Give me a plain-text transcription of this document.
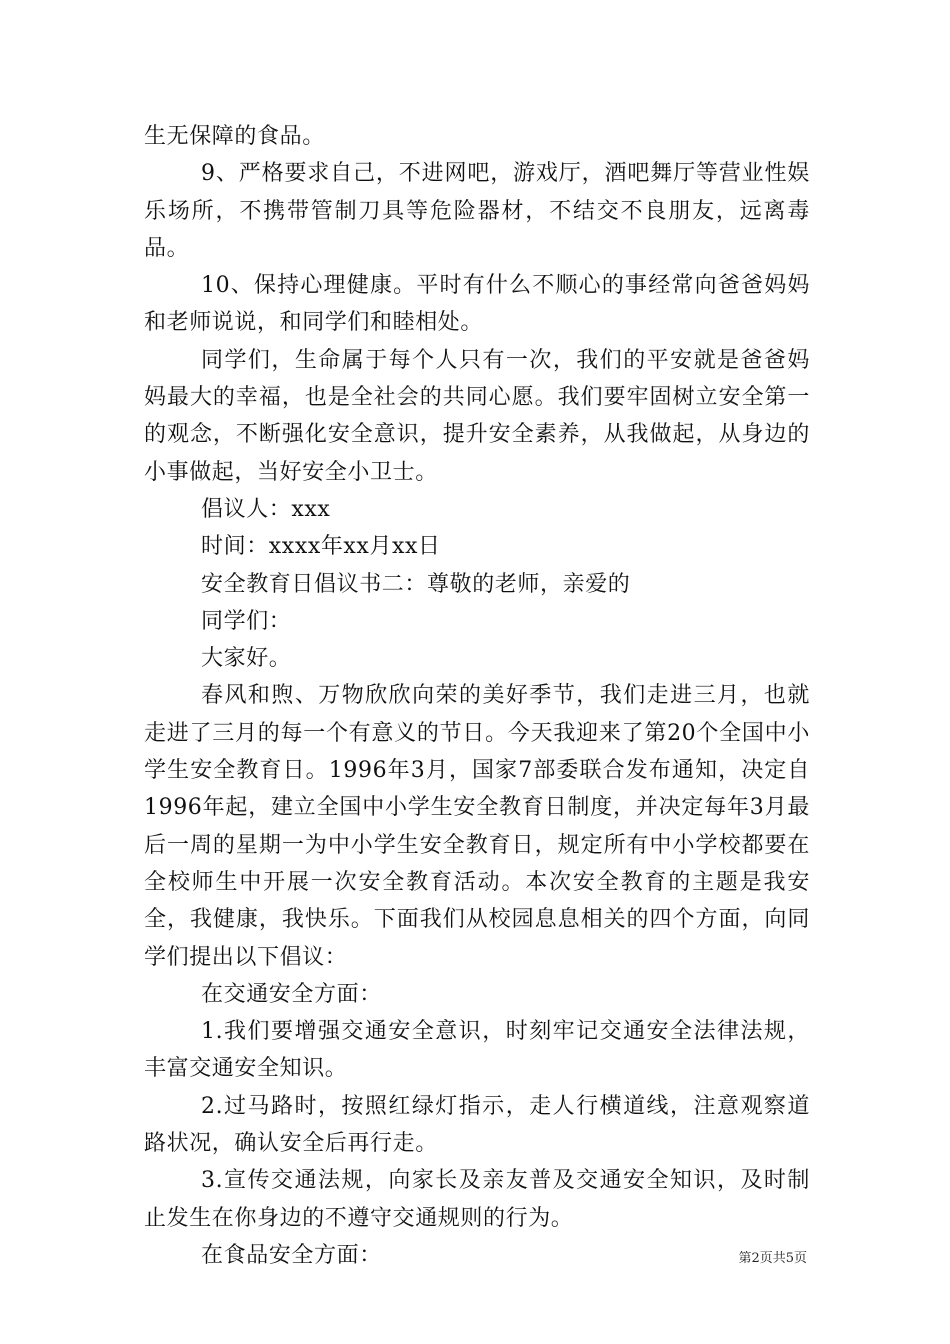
生无保障的食品。

9、严格要求自己，不进网吧，游戏厅，酒吧舞厅等营业性娱乐场所，不携带管制刀具等危险器材，不结交不良朋友，远离毒品。

10、保持心理健康。平时有什么不顺心的事经常向爸爸妈妈和老师说说，和同学们和睦相处。

同学们，生命属于每个人只有一次，我们的平安就是爸爸妈妈最大的幸福，也是全社会的共同心愿。我们要牢固树立安全第一的观念，不断强化安全意识，提升安全素养，从我做起，从身边的小事做起，当好安全小卫士。

倡议人：xxx

时间：xxxx年xx月xx日

安全教育日倡议书二：尊敬的老师，亲爱的

同学们：

大家好。

春风和煦、万物欣欣向荣的美好季节，我们走进三月，也就走进了三月的每一个有意义的节日。今天我迎来了第20个全国中小学生安全教育日。1996年3月，国家7部委联合发布通知，决定自1996年起，建立全国中小学生安全教育日制度，并决定每年3月最后一周的星期一为中小学生安全教育日，规定所有中小学校都要在全校师生中开展一次安全教育活动。本次安全教育的主题是我安全，我健康，我快乐。下面我们从校园息息相关的四个方面，向同学们提出以下倡议：

在交通安全方面：

1.我们要增强交通安全意识，时刻牢记交通安全法律法规，丰富交通安全知识。

2.过马路时，按照红绿灯指示，走人行横道线，注意观察道路状况，确认安全后再行走。

3.宣传交通法规，向家长及亲友普及交通安全知识，及时制止发生在你身边的不遵守交通规则的行为。

在食品安全方面：	第2页共5页
